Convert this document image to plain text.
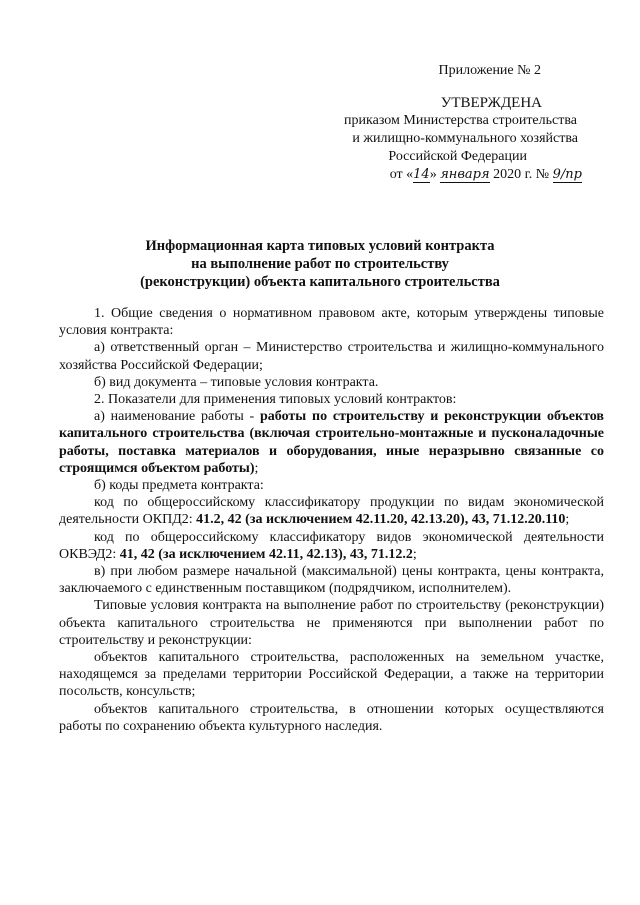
Приложение № 2
УТВЕРЖДЕНА
приказом Министерства строительства
и жилищно-коммунального хозяйства
Российской Федерации
от «14» января 2020 г. № 9/пр
Информационная карта типовых условий контракта
на выполнение работ по строительству
(реконструкции) объекта капитального строительства

1. Общие сведения о нормативном правовом акте, которым утверждены типовые условия контракта:

а) ответственный орган – Министерство строительства и жилищно-коммунального хозяйства Российской Федерации;

б) вид документа – типовые условия контракта.

2. Показатели для применения типовых условий контрактов:

а) наименование работы - работы по строительству и реконструкции объектов капитального строительства (включая строительно-монтажные и пусконаладочные работы, поставка материалов и оборудования, иные неразрывно связанные со строящимся объектом работы);

б) коды предмета контракта:

код по общероссийскому классификатору продукции по видам экономической деятельности ОКПД2: 41.2, 42 (за исключением 42.11.20, 42.13.20), 43, 71.12.20.110;

код по общероссийскому классификатору видов экономической деятельности ОКВЭД2: 41, 42 (за исключением 42.11, 42.13), 43, 71.12.2;

в) при любом размере начальной (максимальной) цены контракта, цены контракта, заключаемого с единственным поставщиком (подрядчиком, исполнителем).

Типовые условия контракта на выполнение работ по строительству (реконструкции) объекта капитального строительства не применяются при выполнении работ по строительству и реконструкции:

объектов капитального строительства, расположенных на земельном участке, находящемся за пределами территории Российской Федерации, а также на территории посольств, консульств;

объектов капитального строительства, в отношении которых осуществляются работы по сохранению объекта культурного наследия.
